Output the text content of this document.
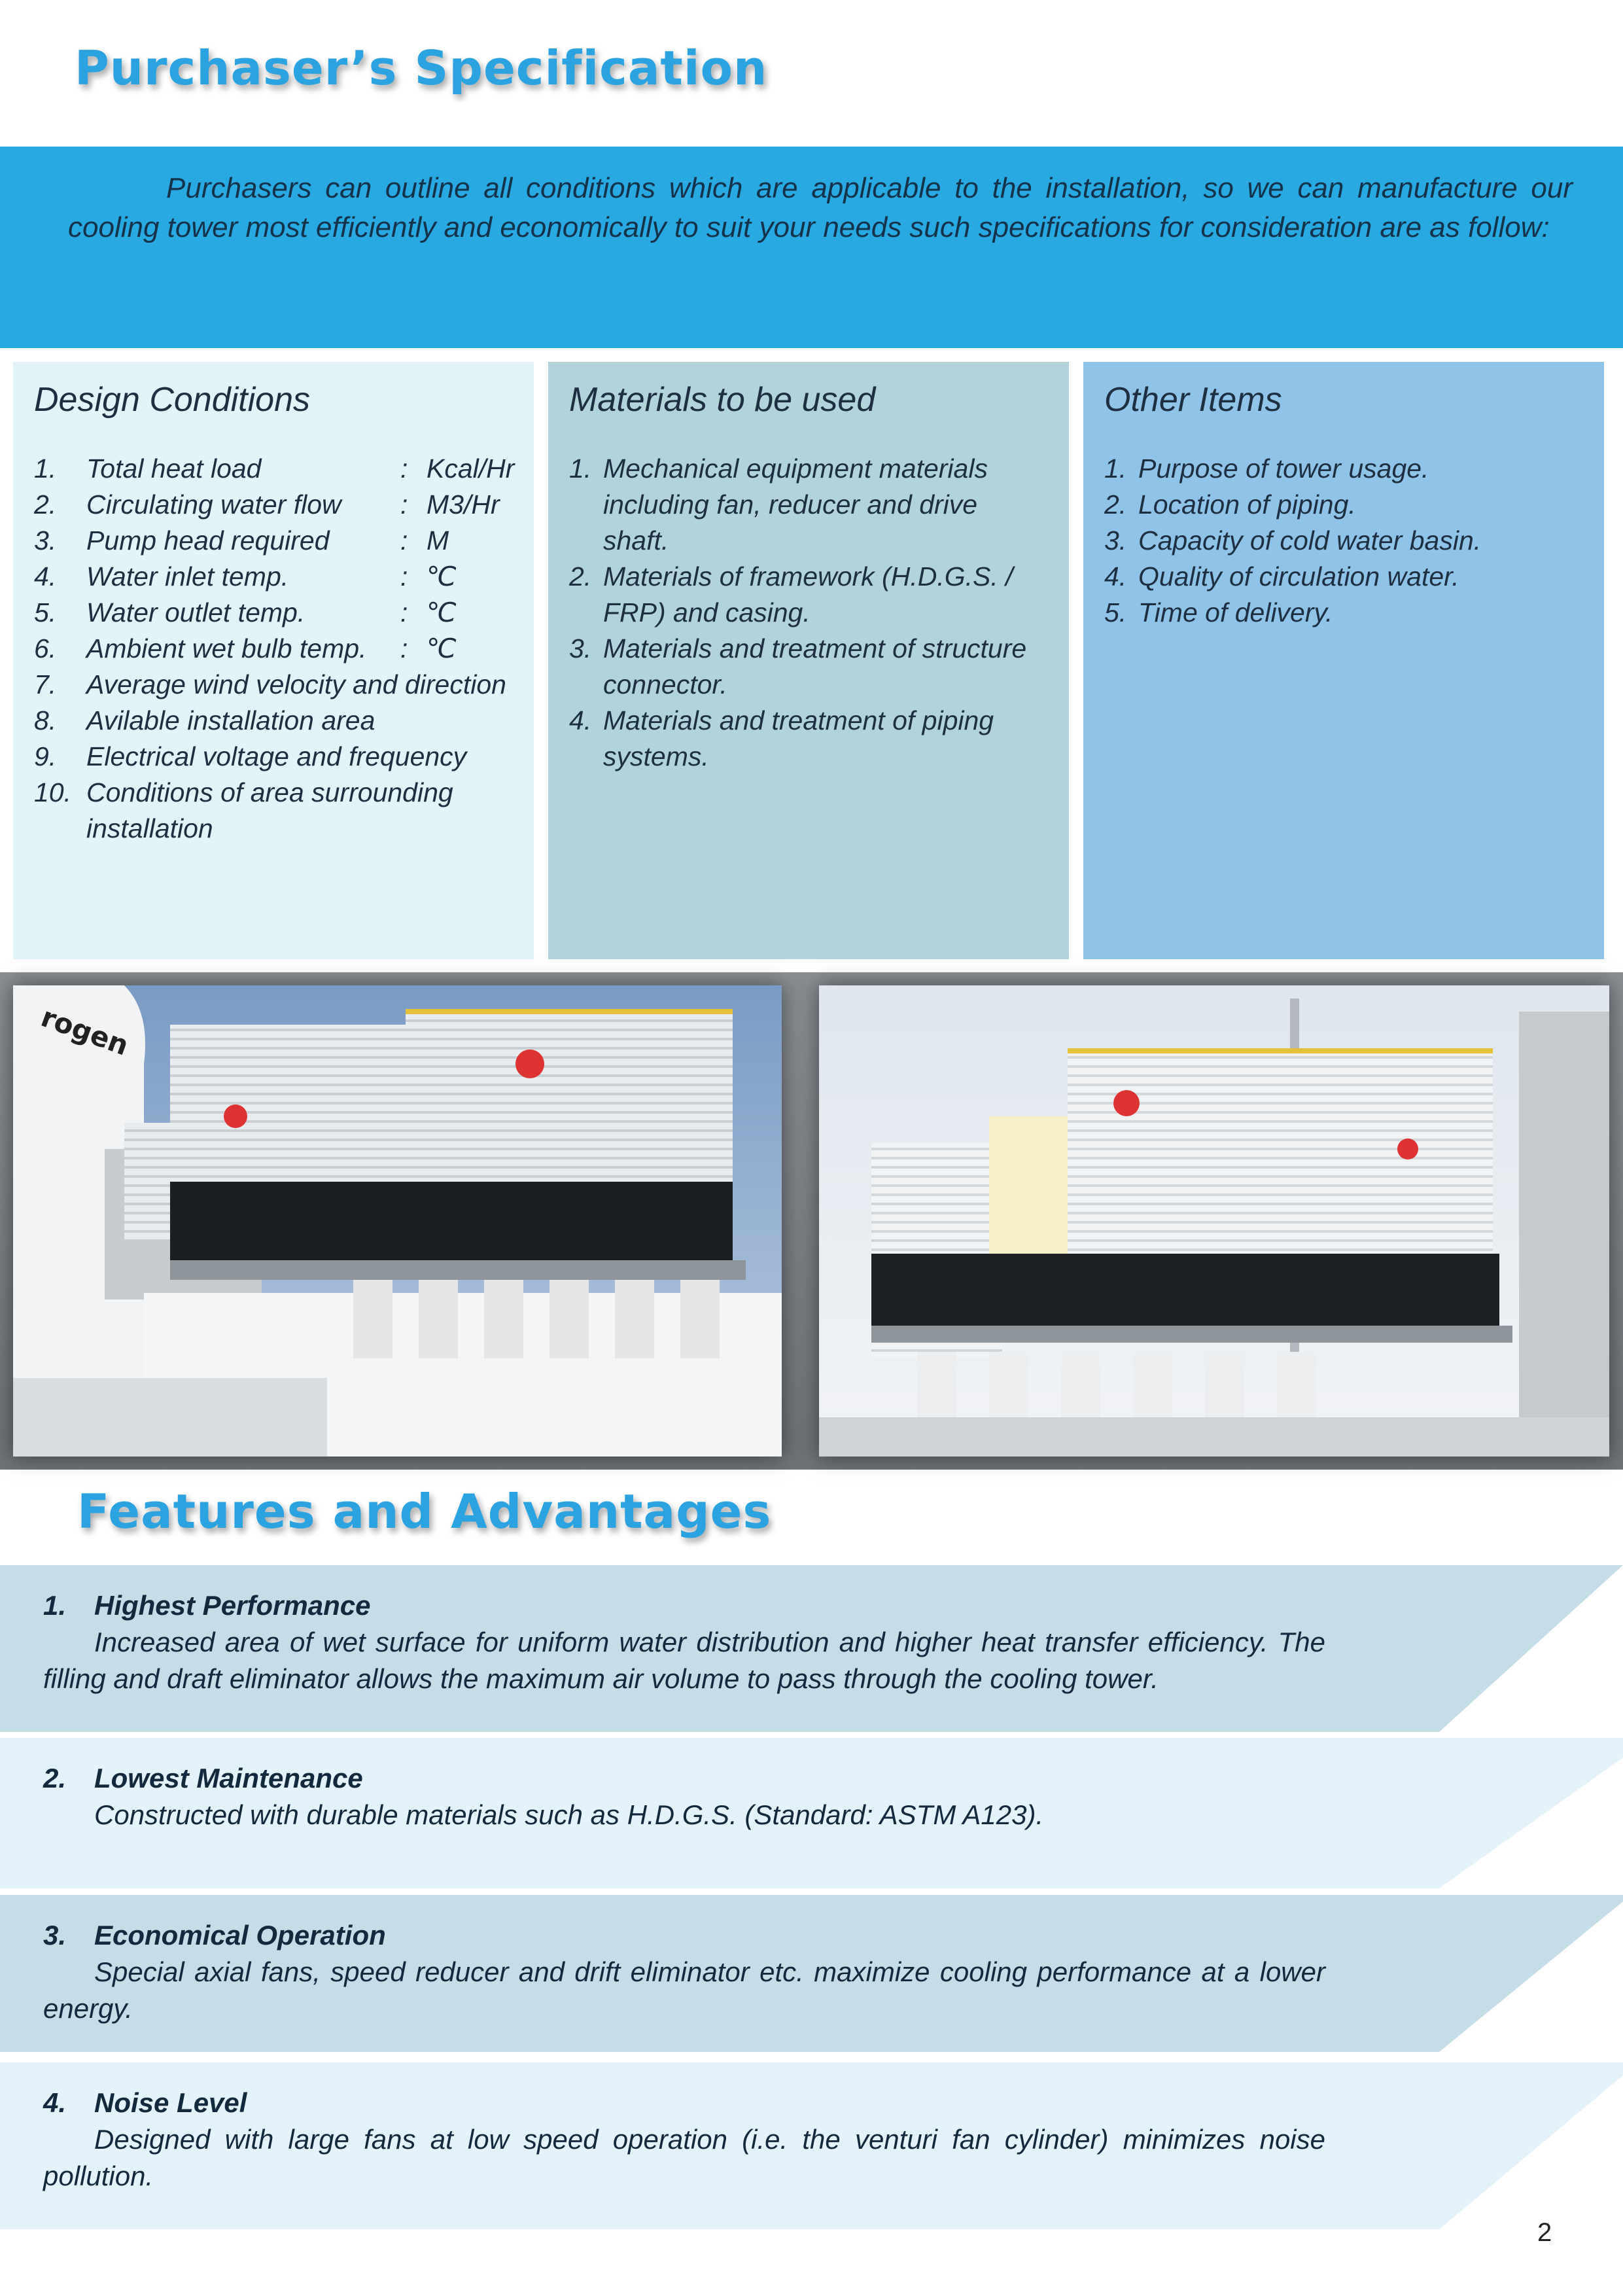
Purchaser’s Specification

Purchasers can outline all conditions which are applicable to the installation, so we can manufacture our cooling tower most efficiently and economically to suit your needs such specifications for consideration are as follow:

Design Conditions
1. Total heat load	: Kcal/Hr
2. Circulating water flow : M3/Hr
3. Pump head required	: M
4. Water inlet temp.	: ℃
5. Water outlet temp.	: ℃
6. Ambient wet bulb temp. : ℃
7. Average wind velocity and direction
8. Avilable installation area
9. Electrical voltage and frequency
10. Conditions of area surrounding installation
Materials to be used
1. Mechanical equipment materials including fan, reducer and drive shaft.
2. Materials of framework (H.D.G.S. / FRP) and casing.
3. Materials and treatment of structure connector.
4. Materials and treatment of piping systems.
Other Items
1. Purpose of tower usage.
2. Location of piping.
3. Capacity of cold water basin.
4. Quality of circulation water.
5. Time of delivery.
rogen
Features and Advantages
1. Highest Performance
Increased area of wet surface for uniform water distribution and higher heat transfer efficiency. The filling and draft eliminator allows the maximum air volume to pass through the cooling tower.
2. Lowest Maintenance
Constructed with durable materials such as H.D.G.S. (Standard: ASTM A123).
3. Economical Operation
Special axial fans, speed reducer and drift eliminator etc. maximize cooling performance at a lower energy.
4. Noise Level
Designed with large fans at low speed operation (i.e. the venturi fan cylinder) minimizes noise pollution.
2
